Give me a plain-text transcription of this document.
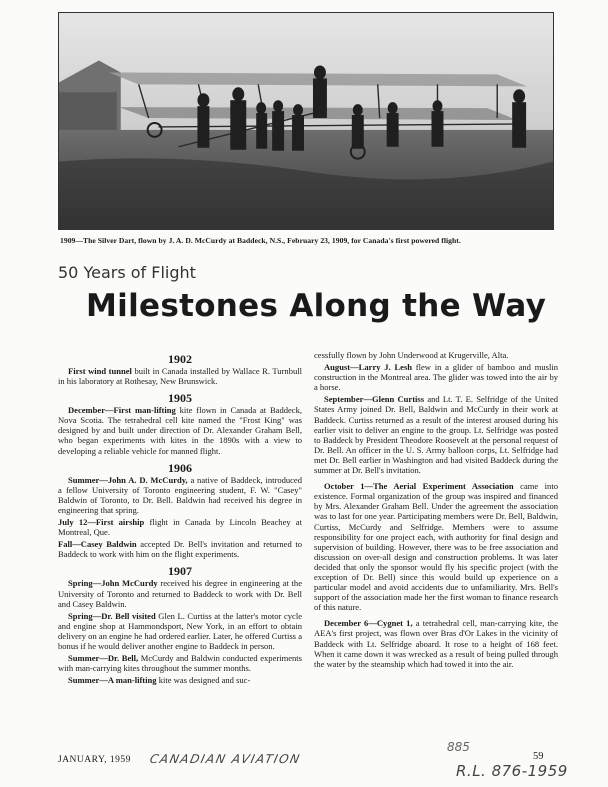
1909—The Silver Dart, flown by J. A. D. McCurdy at Baddeck, N.S., February 23, 1909, for Canada's first powered flight.
50 Years of Flight
Milestones Along the Way
1902

First wind tunnel built in Canada installed by Wallace R. Turnbull in his laboratory at Rothesay, New Brunswick.

1905

December—First man-lifting kite flown in Canada at Baddeck, Nova Scotia. The tetrahedral cell kite named the "Frost King" was designed by and built under direction of Dr. Alexander Graham Bell, who began experiments with kites in the 1890s with a view to developing a reliable vehicle for manned flight.

1906

Summer—John A. D. McCurdy, a native of Baddeck, introduced a fellow University of Toronto engineering student, F. W. "Casey" Baldwin of Toronto, to Dr. Bell. Baldwin had received his degree in engineering that spring.

July 12—First airship flight in Canada by Lincoln Beachey at Montreal, Que.

Fall—Casey Baldwin accepted Dr. Bell's invitation and returned to Baddeck to work with him on the flight experiments.

1907

Spring—John McCurdy received his degree in engineering at the University of Toronto and returned to Baddeck to work with Dr. Bell and Casey Baldwin.

Spring—Dr. Bell visited Glen L. Curtiss at the latter's motor cycle and engine shop at Hammondsport, New York, in an effort to obtain delivery on an engine he had ordered earlier. Later, he offered Curtiss a bonus if he would deliver another engine to Baddeck in person.

Summer—Dr. Bell, McCurdy and Baldwin conducted experiments with man-carrying kites throughout the summer months.

Summer—A man-lifting kite was designed and suc-

cessfully flown by John Underwood at Krugerville, Alta.

August—Larry J. Lesh flew in a glider of bamboo and muslin construction in the Montreal area. The glider was towed into the air by a horse.

September—Glenn Curtiss and Lt. T. E. Selfridge of the United States Army joined Dr. Bell, Baldwin and McCurdy in their work at Baddeck. Curtiss returned as a result of the interest aroused during his earlier visit to deliver an engine to the group. Lt. Selfridge was posted to Baddeck by President Theodore Roosevelt at the personal request of Dr. Bell. An officer in the U. S. Army balloon corps, Lt. Selfridge had met Dr. Bell earlier in Washington and had visited Baddeck during the summer at Dr. Bell's invitation.

October 1—The Aerial Experiment Association came into existence. Formal organization of the group was inspired and financed by Mrs. Alexander Graham Bell. Under the agreement the association was to last for one year. Participating members were Dr. Bell, Baldwin, Curtiss, McCurdy and Selfridge. Members were to assume responsibility for one project each, with authority for final design and supervision of building. However, there was to be free association and discussion on over-all design and construction problems. It was later decided that only the sponsor would fly his specific project (with the exception of Dr. Bell) since this would build up experience on a particular model and avoid accidents due to unfamiliarity. Mrs. Bell's support of the association made her the first woman to finance research of this nature.

December 6—Cygnet 1, a tetrahedral cell, man-carrying kite, the AEA's first project, was flown over Bras d'Or Lakes in the vicinity of Baddeck with Lt. Selfridge aboard. It rose to a height of 168 feet. When it came down it was wrecked as a result of being pulled through the water by the steamship which had towed it into the air.

JANUARY, 1959 CANADIAN AVIATION
885
59
R.L. 876-1959
